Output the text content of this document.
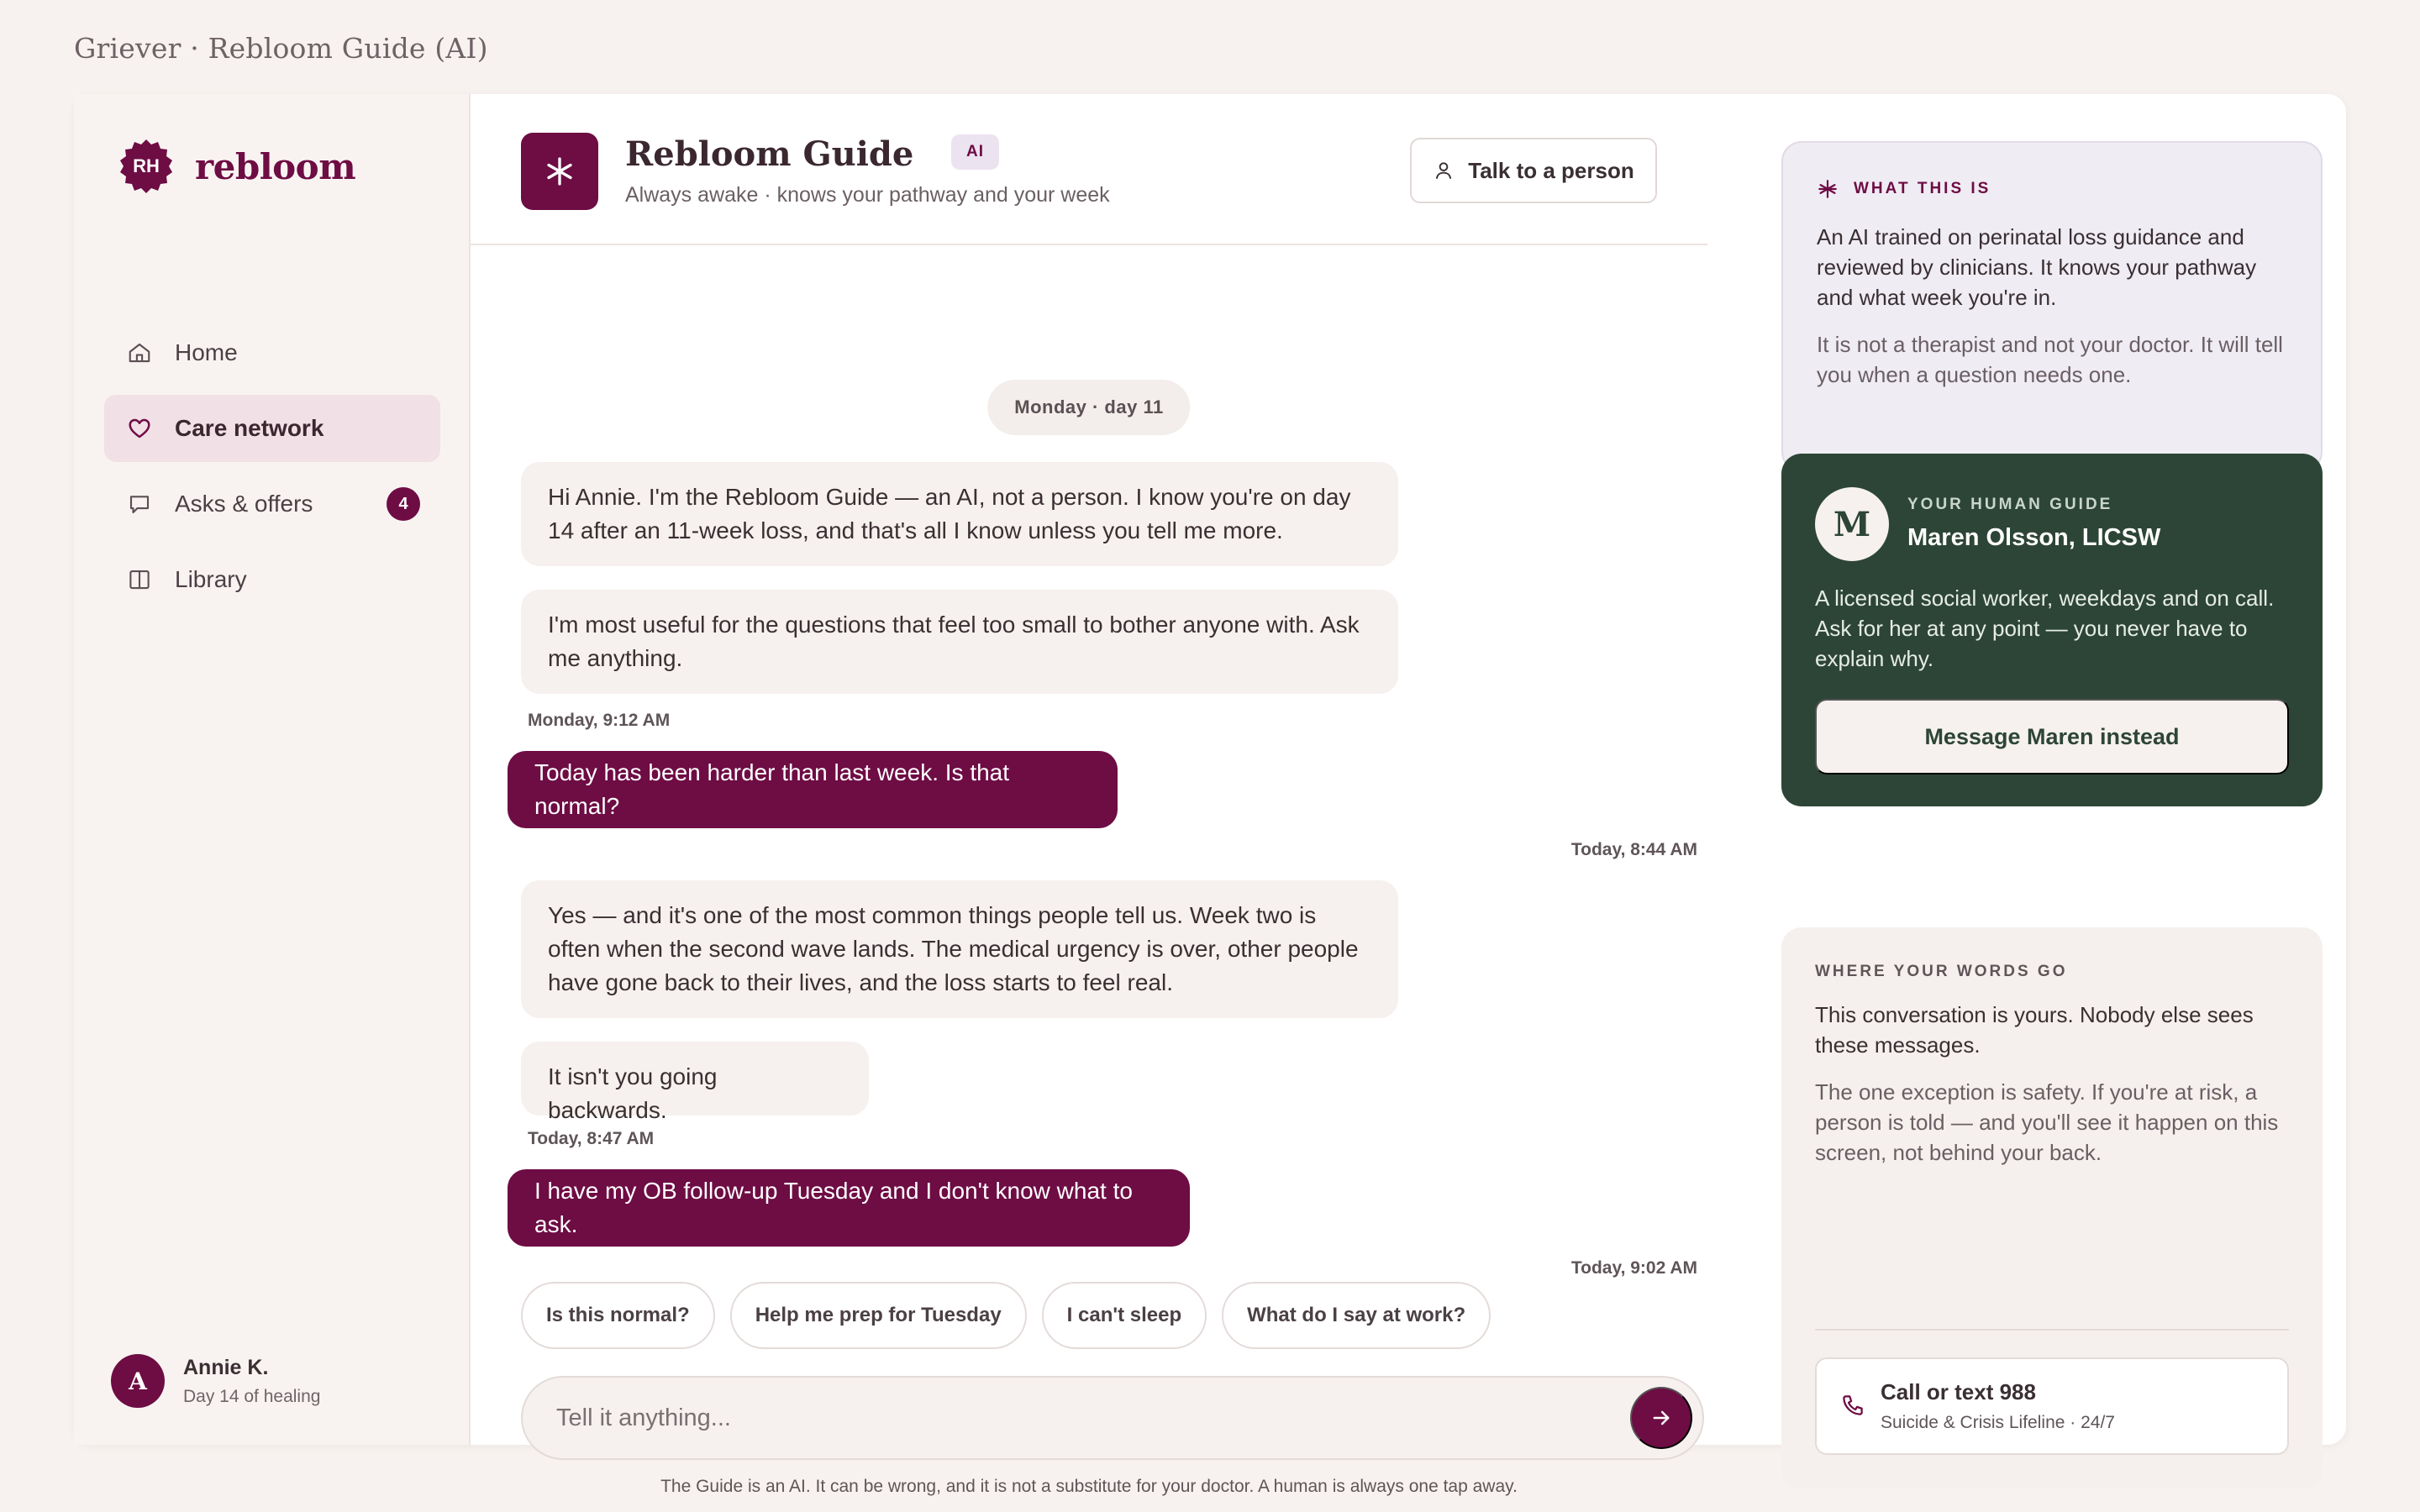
Griever · Rebloom Guide (AI)
RH	rebloom
Home
Care network
Asks & offers	4
Library
A	Annie K.
Day 14 of healing
Rebloom Guide	AI
Always awake · knows your pathway and your week
Talk to a person
Monday · day 11
Hi Annie. I'm the Rebloom Guide — an AI, not a person. I know you're on day 14 after an 11-week loss, and that's all I know unless you tell me more.
I'm most useful for the questions that feel too small to bother anyone with. Ask me anything.
Monday, 9:12 AM
Today has been harder than last week. Is that normal?
Today, 8:44 AM
Yes — and it's one of the most common things people tell us. Week two is often when the second wave lands. The medical urgency is over, other people have gone back to their lives, and the loss starts to feel real.
It isn't you going backwards.
Today, 8:47 AM
I have my OB follow-up Tuesday and I don't know what to ask.
Today, 9:02 AM
Is this normal?	Help me prep for Tuesday	I can't sleep	What do I say at work?
Tell it anything...
The Guide is an AI. It can be wrong, and it is not a substitute for your doctor. A human is always one tap away.
WHAT THIS IS
An AI trained on perinatal loss guidance and reviewed by clinicians. It knows your pathway and what week you're in.
It is not a therapist and not your doctor. It will tell you when a question needs one.
M	YOUR HUMAN GUIDE
Maren Olsson, LICSW
A licensed social worker, weekdays and on call. Ask for her at any point — you never have to explain why.
Message Maren instead
WHERE YOUR WORDS GO
This conversation is yours. Nobody else sees these messages.
The one exception is safety. If you're at risk, a person is told — and you'll see it happen on this screen, not behind your back.
Call or text 988
Suicide & Crisis Lifeline · 24/7
